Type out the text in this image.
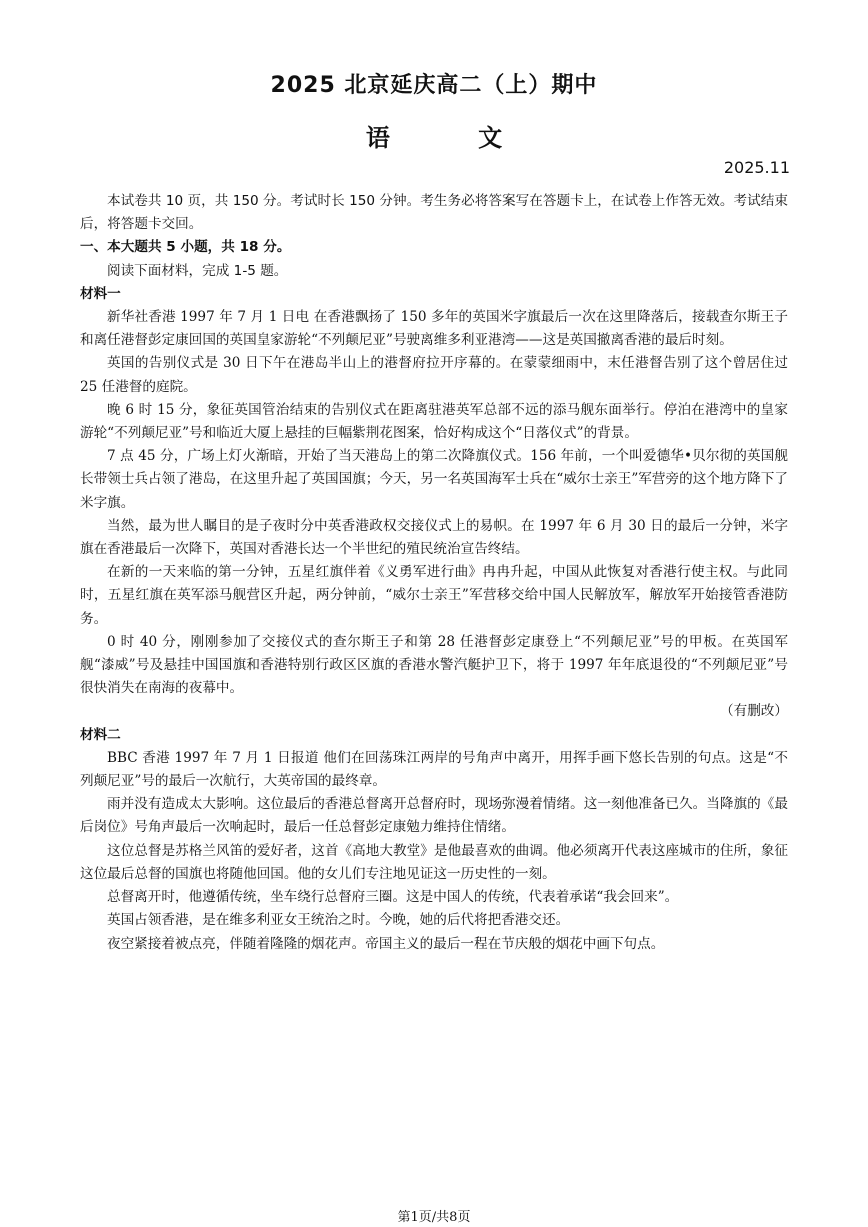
2025 北京延庆高二（上）期中
语 文
2025.11

本试卷共 10 页，共 150 分。考试时长 150 分钟。考生务必将答案写在答题卡上，在试卷上作答无效。考试结束后，将答题卡交回。

一、本大题共 5 小题，共 18 分。

阅读下面材料，完成 1-5 题。

材料一

新华社香港 1997 年 7 月 1 日电 在香港飘扬了 150 多年的英国米字旗最后一次在这里降落后，接载查尔斯王子和离任港督彭定康回国的英国皇家游轮“不列颠尼亚”号驶离维多利亚港湾——这是英国撤离香港的最后时刻。

英国的告别仪式是 30 日下午在港岛半山上的港督府拉开序幕的。在蒙蒙细雨中，末任港督告别了这个曾居住过 25 任港督的庭院。

晚 6 时 15 分，象征英国管治结束的告别仪式在距离驻港英军总部不远的添马舰东面举行。停泊在港湾中的皇家游轮“不列颠尼亚”号和临近大厦上悬挂的巨幅紫荆花图案，恰好构成这个“日落仪式”的背景。

7 点 45 分，广场上灯火渐暗，开始了当天港岛上的第二次降旗仪式。156 年前，一个叫爱德华•贝尔彻的英国舰长带领士兵占领了港岛，在这里升起了英国国旗；今天，另一名英国海军士兵在“威尔士亲王”军营旁的这个地方降下了米字旗。

当然，最为世人瞩目的是子夜时分中英香港政权交接仪式上的易帜。在 1997 年 6 月 30 日的最后一分钟，米字旗在香港最后一次降下，英国对香港长达一个半世纪的殖民统治宣告终结。

在新的一天来临的第一分钟，五星红旗伴着《义勇军进行曲》冉冉升起，中国从此恢复对香港行使主权。与此同时，五星红旗在英军添马舰营区升起，两分钟前，“威尔士亲王”军营移交给中国人民解放军，解放军开始接管香港防务。

0 时 40 分，刚刚参加了交接仪式的查尔斯王子和第 28 任港督彭定康登上“不列颠尼亚”号的甲板。在英国军舰“漆威”号及悬挂中国国旗和香港特别行政区区旗的香港水警汽艇护卫下，将于 1997 年年底退役的“不列颠尼亚”号很快消失在南海的夜幕中。

（有删改）

材料二

BBC 香港 1997 年 7 月 1 日报道 他们在回荡珠江两岸的号角声中离开，用挥手画下悠长告别的句点。这是“不列颠尼亚”号的最后一次航行，大英帝国的最终章。

雨并没有造成太大影响。这位最后的香港总督离开总督府时，现场弥漫着情绪。这一刻他准备已久。当降旗的《最后岗位》号角声最后一次响起时，最后一任总督彭定康勉力维持住情绪。

这位总督是苏格兰风笛的爱好者，这首《高地大教堂》是他最喜欢的曲调。他必须离开代表这座城市的住所，象征这位最后总督的国旗也将随他回国。他的女儿们专注地见证这一历史性的一刻。

总督离开时，他遵循传统，坐车绕行总督府三圈。这是中国人的传统，代表着承诺“我会回来”。

英国占领香港，是在维多利亚女王统治之时。今晚，她的后代将把香港交还。

夜空紧接着被点亮，伴随着隆隆的烟花声。帝国主义的最后一程在节庆般的烟花中画下句点。

第1页/共8页
